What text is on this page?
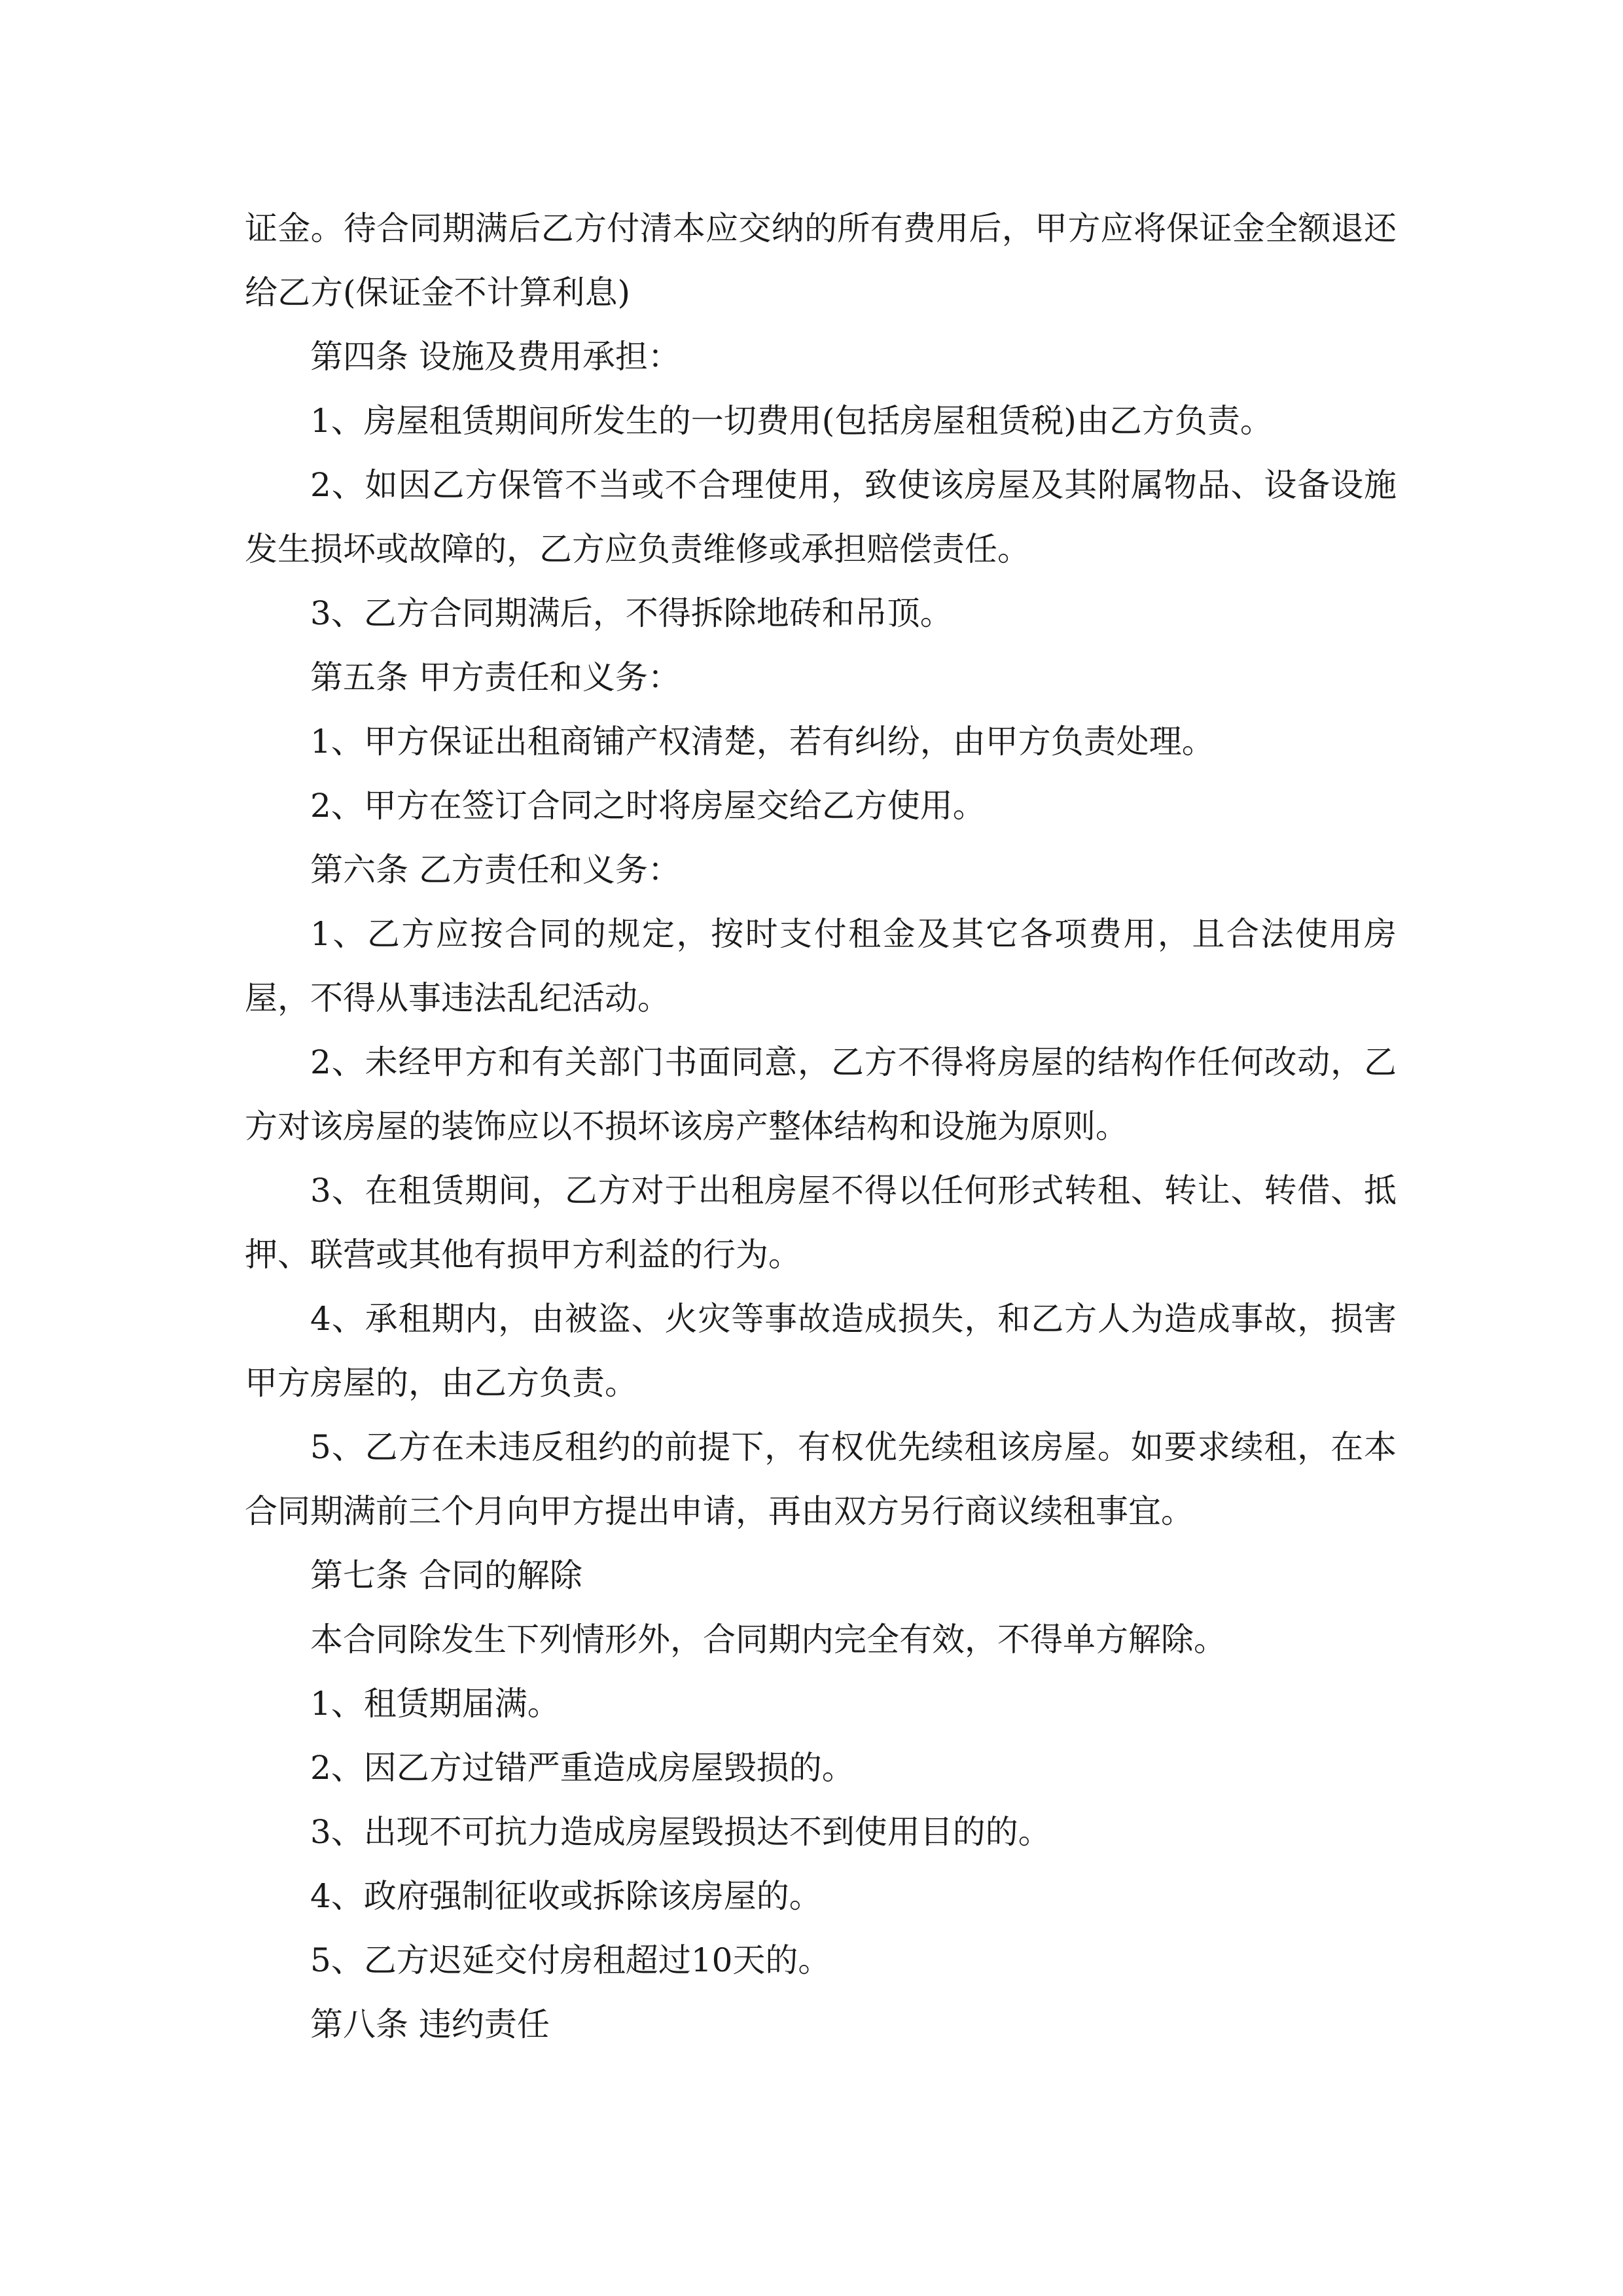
证金。待合同期满后乙方付清本应交纳的所有费用后，甲方应将保证金全额退还给乙方(保证金不计算利息)

第四条 设施及费用承担：

1、房屋租赁期间所发生的一切费用(包括房屋租赁税)由乙方负责。

2、如因乙方保管不当或不合理使用，致使该房屋及其附属物品、设备设施发生损坏或故障的，乙方应负责维修或承担赔偿责任。

3、乙方合同期满后，不得拆除地砖和吊顶。

第五条 甲方责任和义务：

1、甲方保证出租商铺产权清楚，若有纠纷，由甲方负责处理。

2、甲方在签订合同之时将房屋交给乙方使用。

第六条 乙方责任和义务：

1、乙方应按合同的规定，按时支付租金及其它各项费用，且合法使用房屋，不得从事违法乱纪活动。

2、未经甲方和有关部门书面同意，乙方不得将房屋的结构作任何改动，乙方对该房屋的装饰应以不损坏该房产整体结构和设施为原则。

3、在租赁期间，乙方对于出租房屋不得以任何形式转租、转让、转借、抵押、联营或其他有损甲方利益的行为。

4、承租期内，由被盗、火灾等事故造成损失，和乙方人为造成事故，损害甲方房屋的，由乙方负责。

5、乙方在未违反租约的前提下，有权优先续租该房屋。如要求续租，在本合同期满前三个月向甲方提出申请，再由双方另行商议续租事宜。

第七条 合同的解除

本合同除发生下列情形外，合同期内完全有效，不得单方解除。

1、租赁期届满。

2、因乙方过错严重造成房屋毁损的。

3、出现不可抗力造成房屋毁损达不到使用目的的。

4、政府强制征收或拆除该房屋的。

5、乙方迟延交付房租超过10天的。

第八条 违约责任
